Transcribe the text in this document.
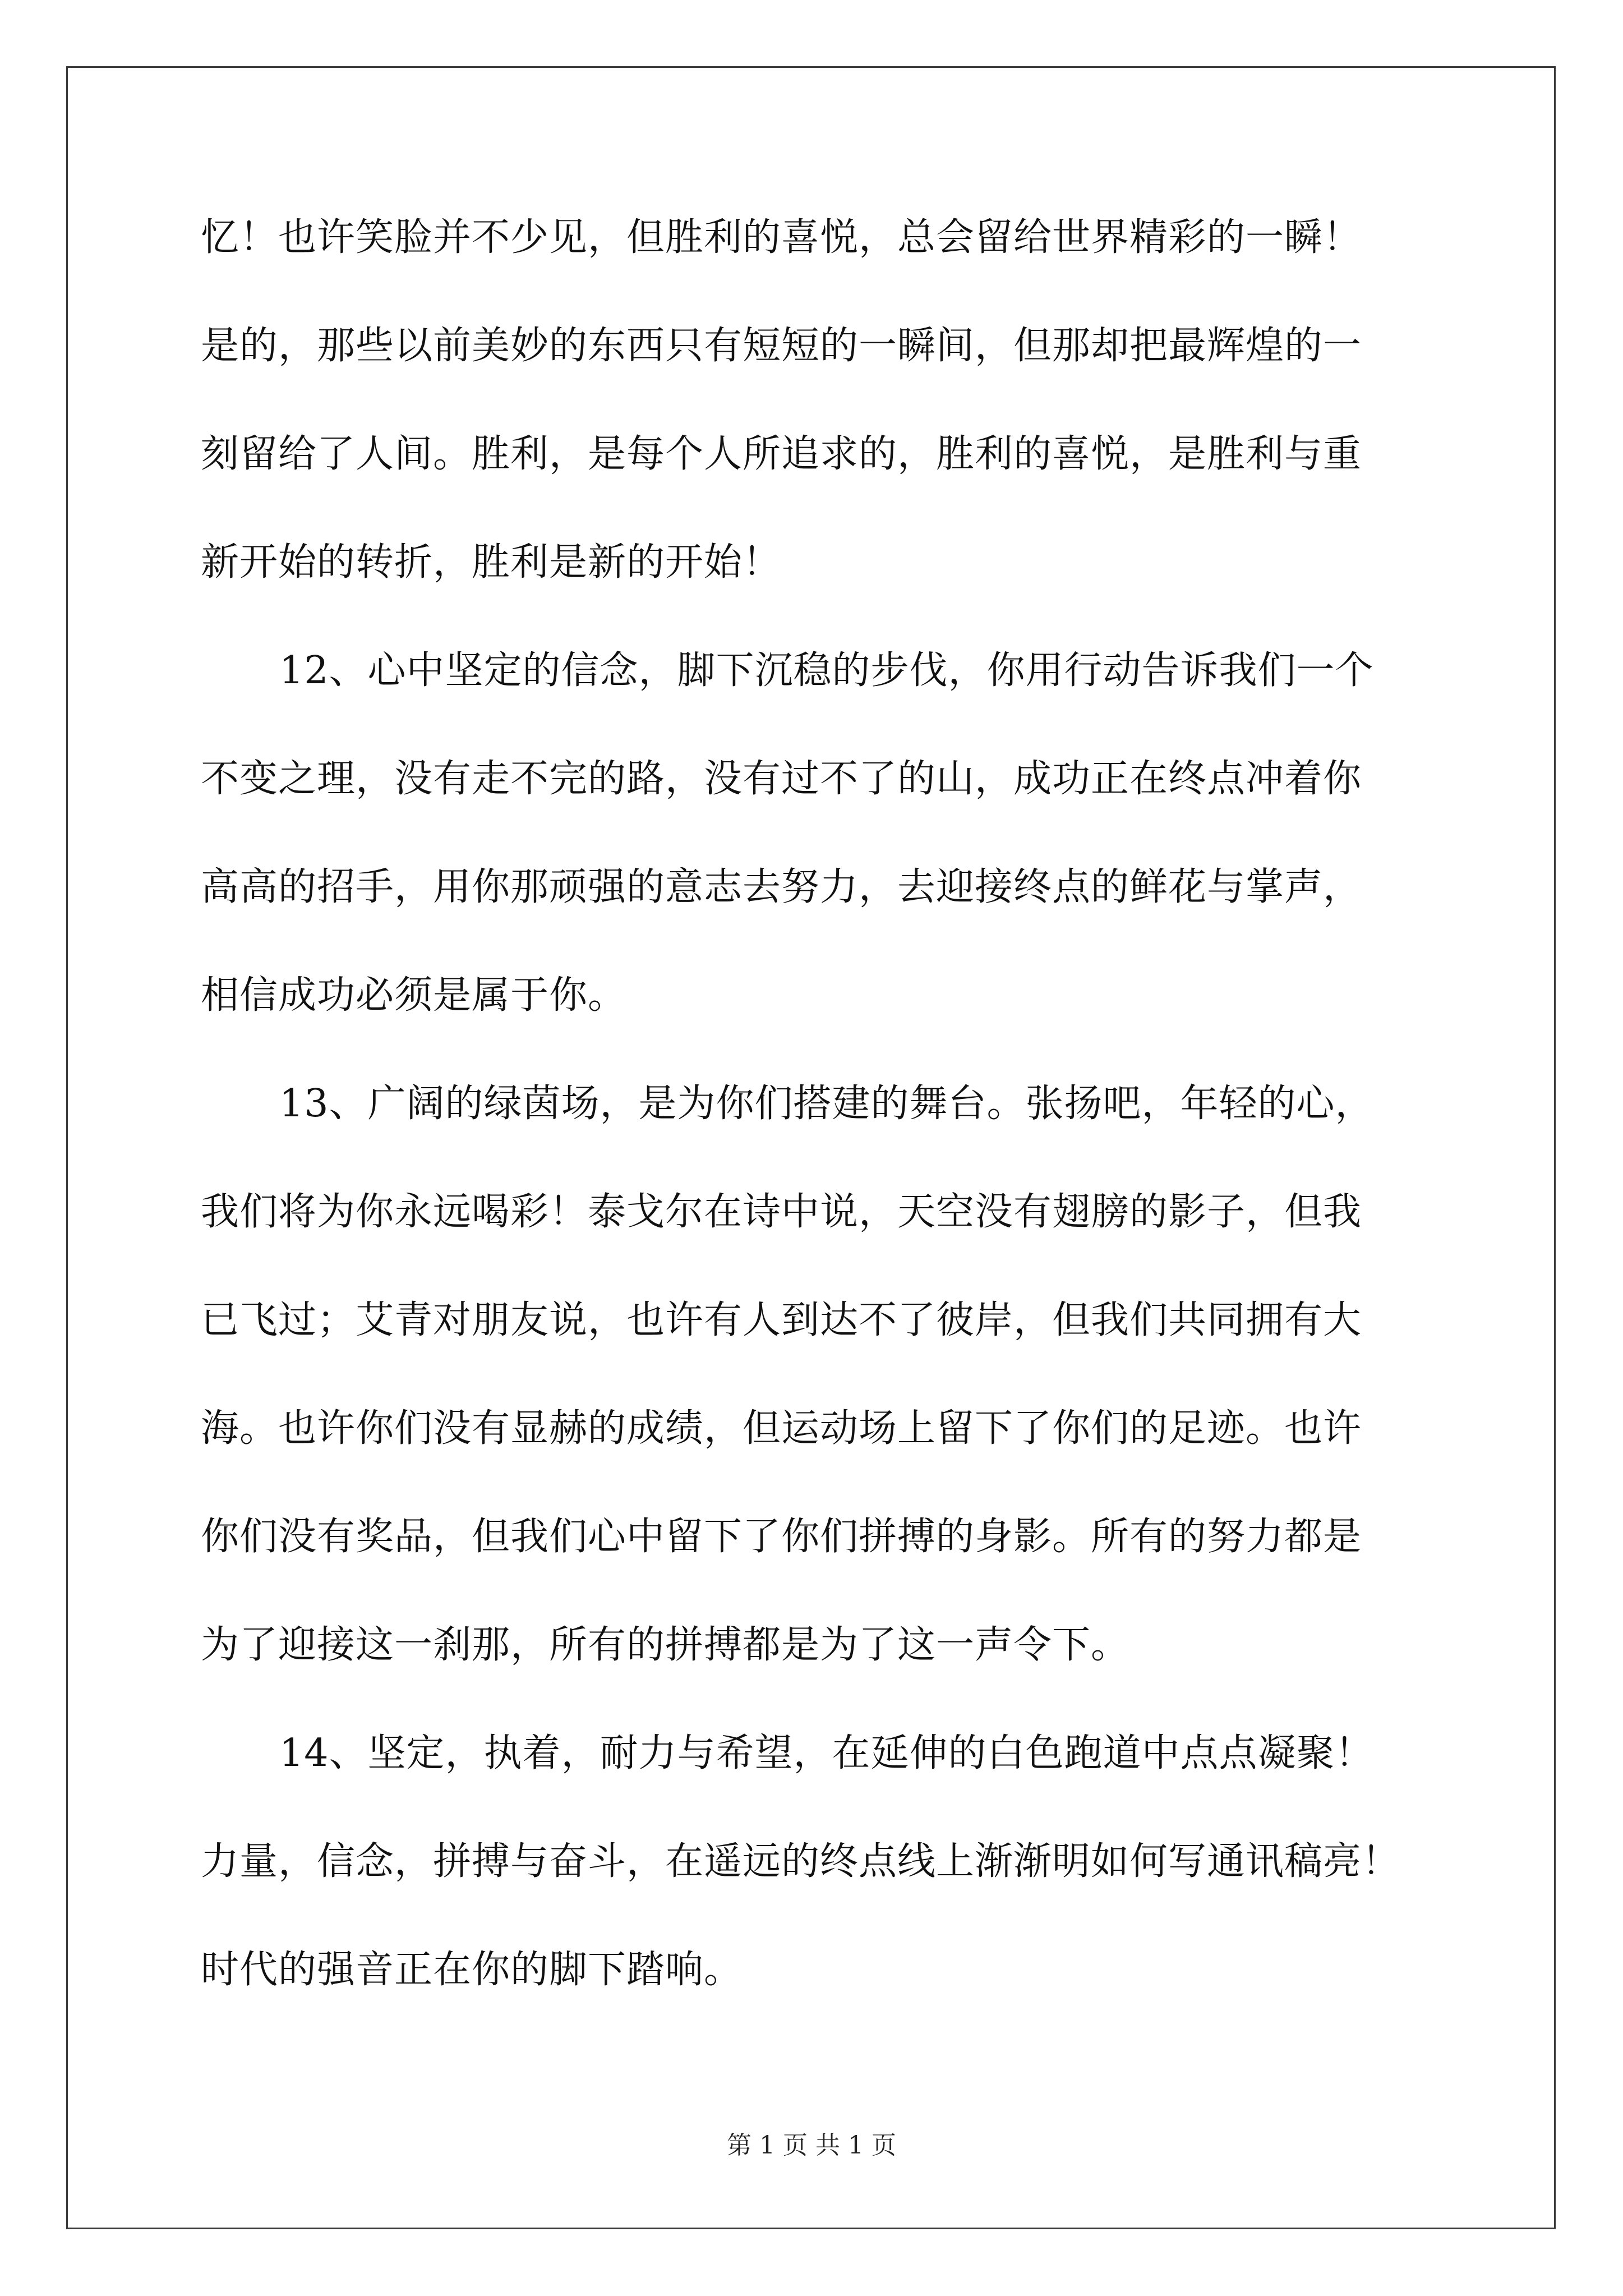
忆！也许笑脸并不少见，但胜利的喜悦，总会留给世界精彩的一瞬！
是的，那些以前美妙的东西只有短短的一瞬间，但那却把最辉煌的一
刻留给了人间。胜利，是每个人所追求的，胜利的喜悦，是胜利与重
新开始的转折，胜利是新的开始！
12、心中坚定的信念，脚下沉稳的步伐，你用行动告诉我们一个
不变之理，没有走不完的路，没有过不了的山，成功正在终点冲着你
高高的招手，用你那顽强的意志去努力，去迎接终点的鲜花与掌声，
相信成功必须是属于你。
13、广阔的绿茵场，是为你们搭建的舞台。张扬吧，年轻的心，
我们将为你永远喝彩！泰戈尔在诗中说，天空没有翅膀的影子，但我
已飞过；艾青对朋友说，也许有人到达不了彼岸，但我们共同拥有大
海。也许你们没有显赫的成绩，但运动场上留下了你们的足迹。也许
你们没有奖品，但我们心中留下了你们拼搏的身影。所有的努力都是
为了迎接这一刹那，所有的拼搏都是为了这一声令下。
14、坚定，执着，耐力与希望，在延伸的白色跑道中点点凝聚！
力量，信念，拼搏与奋斗，在遥远的终点线上渐渐明如何写通讯稿亮！
时代的强音正在你的脚下踏响。
第 1 页 共 1 页
